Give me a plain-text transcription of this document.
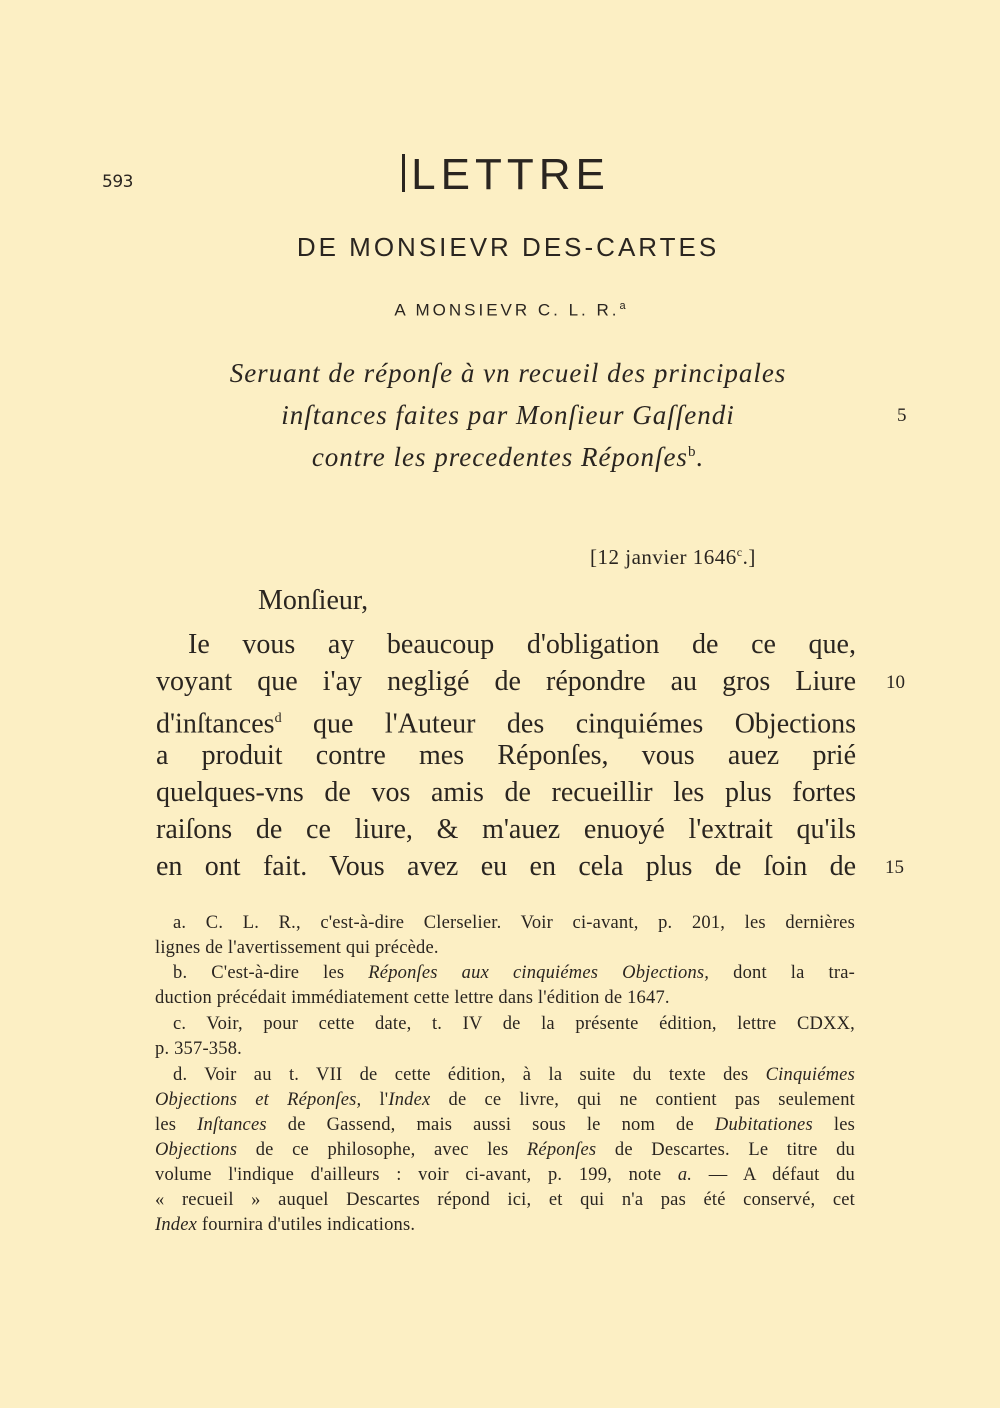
593	LETTRE
DE MONSIEVR DES-CARTES
A MONSIEVR C. L. R.$^a$
Seruant de réponſe à vn recueil des principales
inſtances faites par Monſieur Gaſſendi
contre les precedentes Réponſes$^b$.
5
[12 janvier 1646$^c$.]
Monſieur,
Ie vous ay beaucoup d'obligation de ce que,
voyant que i'ay negligé de répondre au gros Liure 10
d'inſtances$^d$ que l'Auteur des cinquiémes Objections
a produit contre mes Réponſes, vous auez prié
quelques-vns de vos amis de recueillir les plus fortes
raiſons de ce liure, & m'auez enuoyé l'extrait qu'ils
en ont fait. Vous avez eu en cela plus de ſoin de 15
a. C. L. R., c'est-à-dire Clerselier. Voir ci-avant, p. 201, les dernières
lignes de l'avertissement qui précède.
b. C'est-à-dire les Réponſes aux cinquiémes Objections, dont la tra-
duction précédait immédiatement cette lettre dans l'édition de 1647.
c. Voir, pour cette date, t. IV de la présente édition, lettre CDXX,
p. 357-358.
d. Voir au t. VII de cette édition, à la suite du texte des Cinquiémes
Objections et Réponſes, l'Index de ce livre, qui ne contient pas seulement
les Inſtances de Gassend, mais aussi sous le nom de Dubitationes les
Objections de ce philosophe, avec les Réponſes de Descartes. Le titre du
volume l'indique d'ailleurs : voir ci-avant, p. 199, note a. — A défaut du
« recueil » auquel Descartes répond ici, et qui n'a pas été conservé, cet
Index fournira d'utiles indications.
